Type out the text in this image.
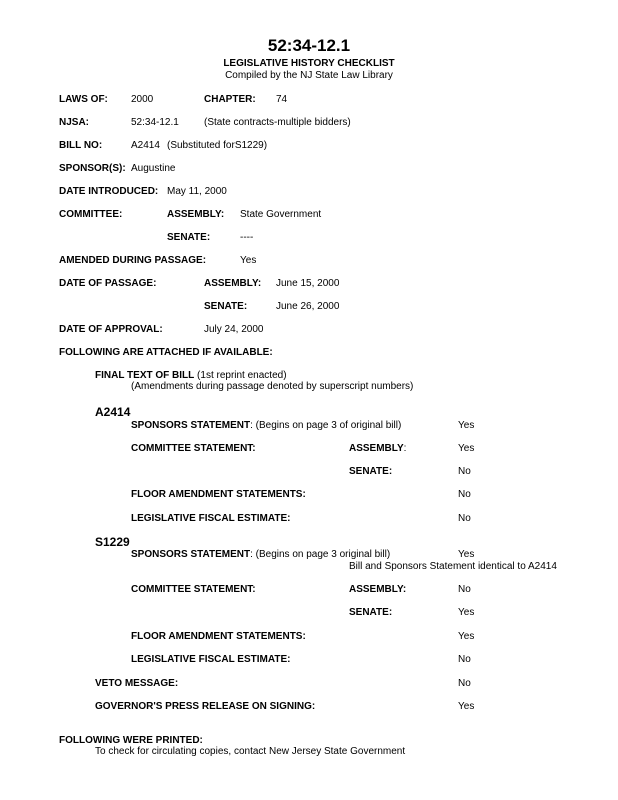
52:34-12.1
LEGISLATIVE HISTORY CHECKLIST
Compiled by the NJ State Law Library
LAWS OF: 2000	CHAPTER: 74
NJSA:	52:34-12.1	(State contracts-multiple bidders)
BILL NO:	A2414 (Substituted forS1229)
SPONSOR(S): Augustine
DATE INTRODUCED: May 11, 2000
COMMITTEE:	ASSEMBLY: State Government
SENATE:	----
AMENDED DURING PASSAGE:	Yes
DATE OF PASSAGE:	ASSEMBLY: June 15, 2000
SENATE:	June 26, 2000
DATE OF APPROVAL:	July 24, 2000
FOLLOWING ARE ATTACHED IF AVAILABLE:
FINAL TEXT OF BILL (1st reprint enacted)
(Amendments during passage denoted by superscript numbers)
A2414
SPONSORS STATEMENT: (Begins on page 3 of original bill)	Yes
COMMITTEE STATEMENT:	ASSEMBLY:	Yes
SENATE:	No
FLOOR AMENDMENT STATEMENTS:	No
LEGISLATIVE FISCAL ESTIMATE:	No
S1229
SPONSORS STATEMENT: (Begins on page 3 original bill)	Yes
Bill and Sponsors Statement identical to A2414
COMMITTEE STATEMENT:	ASSEMBLY:	No
SENATE:	Yes
FLOOR AMENDMENT STATEMENTS:	Yes
LEGISLATIVE FISCAL ESTIMATE:	No
VETO MESSAGE:	No
GOVERNOR'S PRESS RELEASE ON SIGNING:	Yes
FOLLOWING WERE PRINTED:
To check for circulating copies, contact New Jersey State Government
